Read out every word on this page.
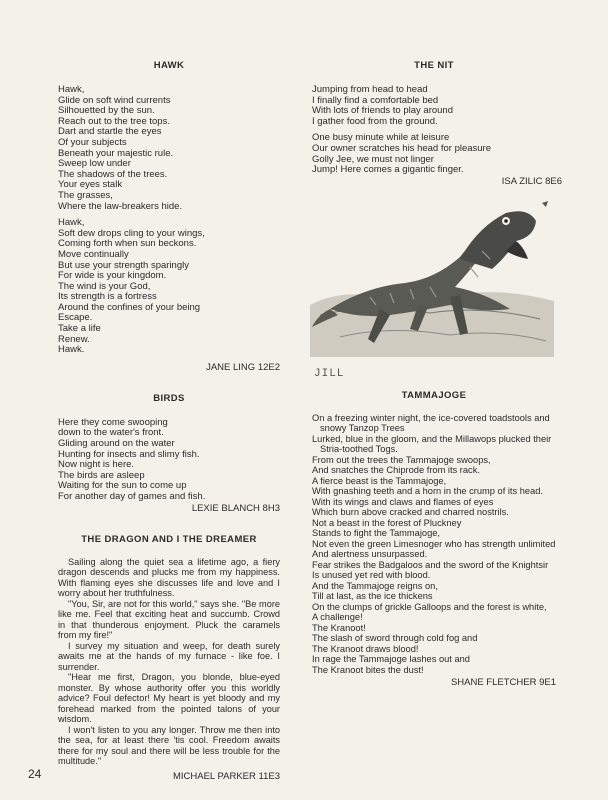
HAWK
Hawk,
Glide on soft wind currents
Silhouetted by the sun.
Reach out to the tree tops.
Dart and startle the eyes
Of your subjects
Beneath your majestic rule.
Sweep low under
The shadows of the trees.
Your eyes stalk
The grasses,
Where the law-breakers hide.
Hawk,
Soft dew drops cling to your wings,
Coming forth when sun beckons.
Move continually
But use your strength sparingly
For wide is your kingdom.
The wind is your God,
Its strength is a fortress
Around the confines of your being
Escape.
Take a life
Renew.
Hawk.
JANE LING 12E2
BIRDS
Here they come swooping
down to the water's front.
Gliding around on the water
Hunting for insects and slimy fish.
Now night is here.
The birds are asleep
Waiting for the sun to come up
For another day of games and fish.
LEXIE BLANCH 8H3
THE DRAGON AND I THE DREAMER

Sailing along the quiet sea a lifetime ago, a fiery dragon descends and plucks me from my happiness. With flaming eyes she discusses life and love and I worry about her truthfulness.

"You, Sir, are not for this world," says she. "Be more like me. Feel that exciting heat and succumb. Crowd in that thunderous enjoyment. Pluck the caramels from my fire!"

I survey my situation and weep, for death surely awaits me at the hands of my furnace - like foe. I surrender.

"Hear me first, Dragon, you blonde, blue-eyed monster. By whose authority offer you this worldly advice? Foul defector! My heart is yet bloody and my forehead marked from the pointed talons of your wisdom.

I won't listen to you any longer. Throw me then into the sea, for at least there 'tis cool. Freedom awaits there for my soul and there will be less trouble for the multitude."

MICHAEL PARKER 11E3
THE NIT
Jumping from head to head
I finally find a comfortable bed
With lots of friends to play around
I gather food from the ground.
One busy minute while at leisure
Our owner scratches his head for pleasure
Golly Jee, we must not linger
Jump! Here comes a gigantic finger.
ISA ZILIC 8E6
JILL
TAMMAJOGE
On a freezing winter night, the ice-covered toadstools and snowy Tanzop Trees
Lurked, blue in the gloom, and the Millawops plucked their Stria-toothed Togs.
From out the trees the Tammajoge swoops,
And snatches the Chiprode from its rack.
A fierce beast is the Tammajoge,
With gnashing teeth and a horn in the crump of its head.
With its wings and claws and flames of eyes
Which burn above cracked and charred nostrils.
Not a beast in the forest of Pluckney
Stands to fight the Tammajoge,
Not even the green Limesnoger who has strength unlimited
And alertness unsurpassed.
Fear strikes the Badgaloos and the sword of the Knightsir
Is unused yet red with blood.
And the Tammajoge reigns on,
Till at last, as the ice thickens
On the clumps of grickle Galloops and the forest is white,
A challenge!
The Kranoot!
The slash of sword through cold fog and
The Kranoot draws blood!
In rage the Tammajoge lashes out and
The Kranoot bites the dust!
SHANE FLETCHER 9E1
24
